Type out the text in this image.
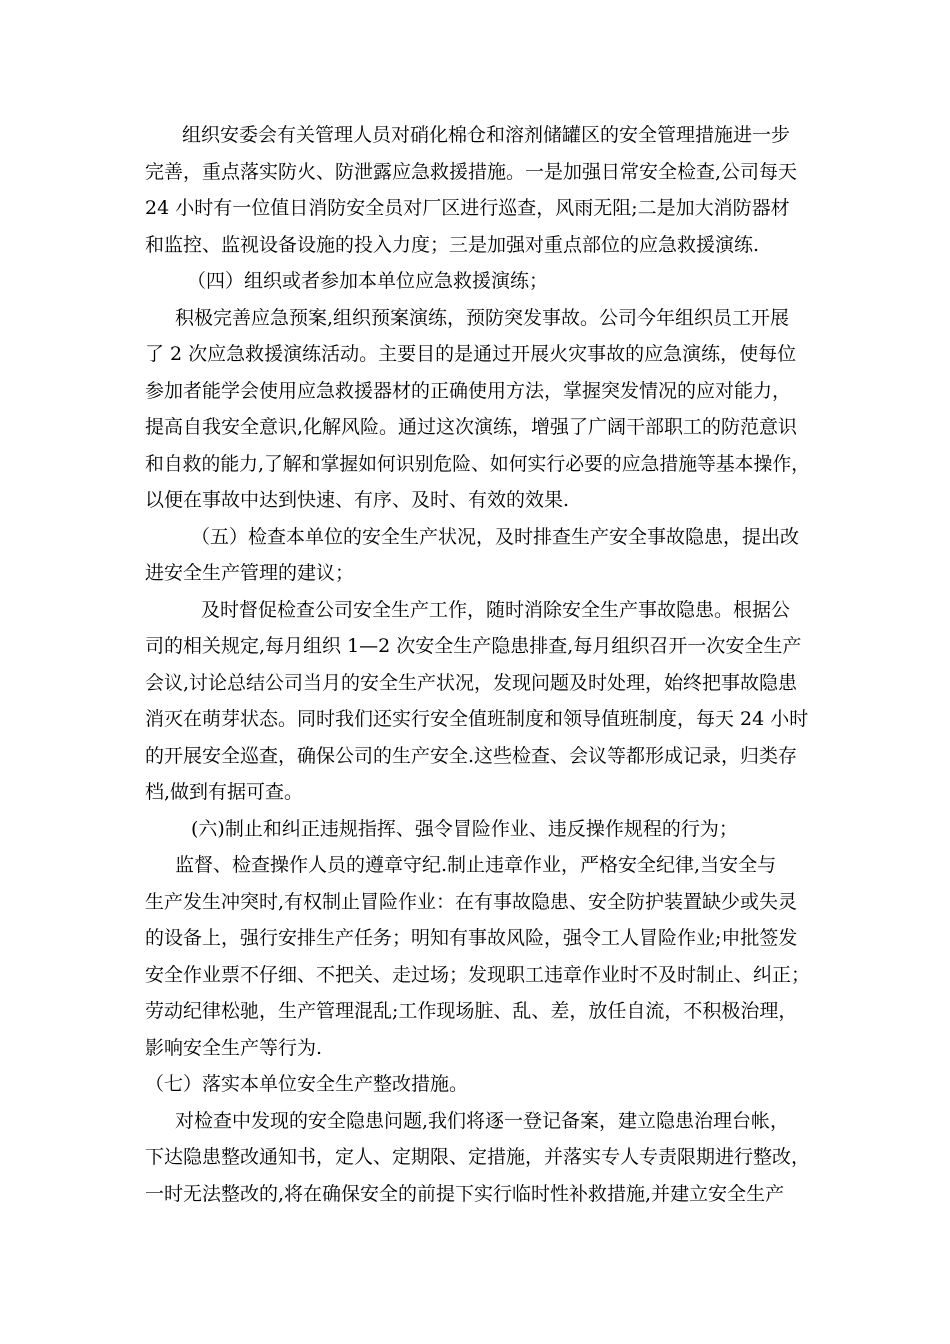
组织安委会有关管理人员对硝化棉仓和溶剂储罐区的安全管理措施进一步
完善，重点落实防火、防泄露应急救援措施。一是加强日常安全检查,公司每天
24 小时有一位值日消防安全员对厂区进行巡查，风雨无阻;二是加大消防器材
和监控、监视设备设施的投入力度；三是加强对重点部位的应急救援演练.
（四）组织或者参加本单位应急救援演练；
积极完善应急预案,组织预案演练，预防突发事故。公司今年组织员工开展
了 2 次应急救援演练活动。主要目的是通过开展火灾事故的应急演练，使每位
参加者能学会使用应急救援器材的正确使用方法，掌握突发情况的应对能力，
提高自我安全意识,化解风险。通过这次演练，增强了广阔干部职工的防范意识
和自救的能力,了解和掌握如何识别危险、如何实行必要的应急措施等基本操作，
以便在事故中达到快速、有序、及时、有效的效果.
（五）检查本单位的安全生产状况，及时排查生产安全事故隐患，提出改
进安全生产管理的建议；
及时督促检查公司安全生产工作，随时消除安全生产事故隐患。根据公
司的相关规定,每月组织 1—2 次安全生产隐患排查,每月组织召开一次安全生产
会议,讨论总结公司当月的安全生产状况，发现问题及时处理，始终把事故隐患
消灭在萌芽状态。同时我们还实行安全值班制度和领导值班制度，每天 24 小时
的开展安全巡查，确保公司的生产安全.这些检查、会议等都形成记录，归类存
档,做到有据可查。
(六)制止和纠正违规指挥、强令冒险作业、违反操作规程的行为；
监督、检查操作人员的遵章守纪.制止违章作业，严格安全纪律,当安全与
生产发生冲突时,有权制止冒险作业：在有事故隐患、安全防护装置缺少或失灵
的设备上，强行安排生产任务；明知有事故风险，强令工人冒险作业;申批签发
安全作业票不仔细、不把关、走过场；发现职工违章作业时不及时制止、纠正；
劳动纪律松驰，生产管理混乱;工作现场脏、乱、差，放任自流，不积极治理，
影响安全生产等行为.
（七）落实本单位安全生产整改措施。
对检查中发现的安全隐患问题,我们将逐一登记备案，建立隐患治理台帐，
下达隐患整改通知书，定人、定期限、定措施，并落实专人专责限期进行整改，
一时无法整改的,将在确保安全的前提下实行临时性补救措施,并建立安全生产
